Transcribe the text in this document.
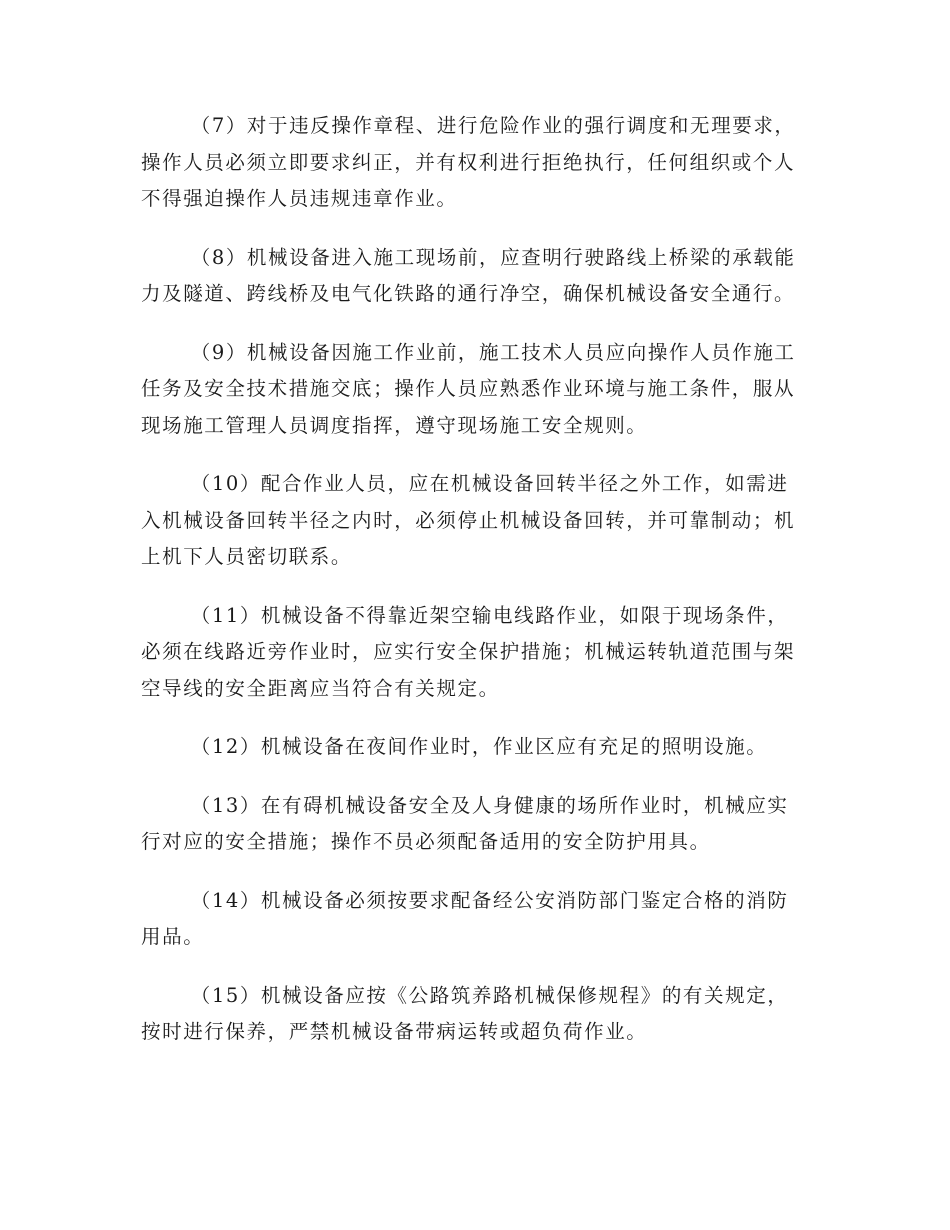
（7）对于违反操作章程、进行危险作业的强行调度和无理要求，操作人员必须立即要求纠正，并有权利进行拒绝执行，任何组织或个人不得强迫操作人员违规违章作业。

（8）机械设备进入施工现场前，应查明行驶路线上桥梁的承载能力及隧道、跨线桥及电气化铁路的通行净空，确保机械设备安全通行。

（9）机械设备因施工作业前，施工技术人员应向操作人员作施工任务及安全技术措施交底；操作人员应熟悉作业环境与施工条件，服从现场施工管理人员调度指挥，遵守现场施工安全规则。

（10）配合作业人员，应在机械设备回转半径之外工作，如需进入机械设备回转半径之内时，必须停止机械设备回转，并可靠制动；机上机下人员密切联系。

（11）机械设备不得靠近架空输电线路作业，如限于现场条件，必须在线路近旁作业时，应实行安全保护措施；机械运转轨道范围与架空导线的安全距离应当符合有关规定。

（12）机械设备在夜间作业时，作业区应有充足的照明设施。

（13）在有碍机械设备安全及人身健康的场所作业时，机械应实行对应的安全措施；操作不员必须配备适用的安全防护用具。

（14）机械设备必须按要求配备经公安消防部门鉴定合格的消防用品。

（15）机械设备应按《公路筑养路机械保修规程》的有关规定，按时进行保养，严禁机械设备带病运转或超负荷作业。
